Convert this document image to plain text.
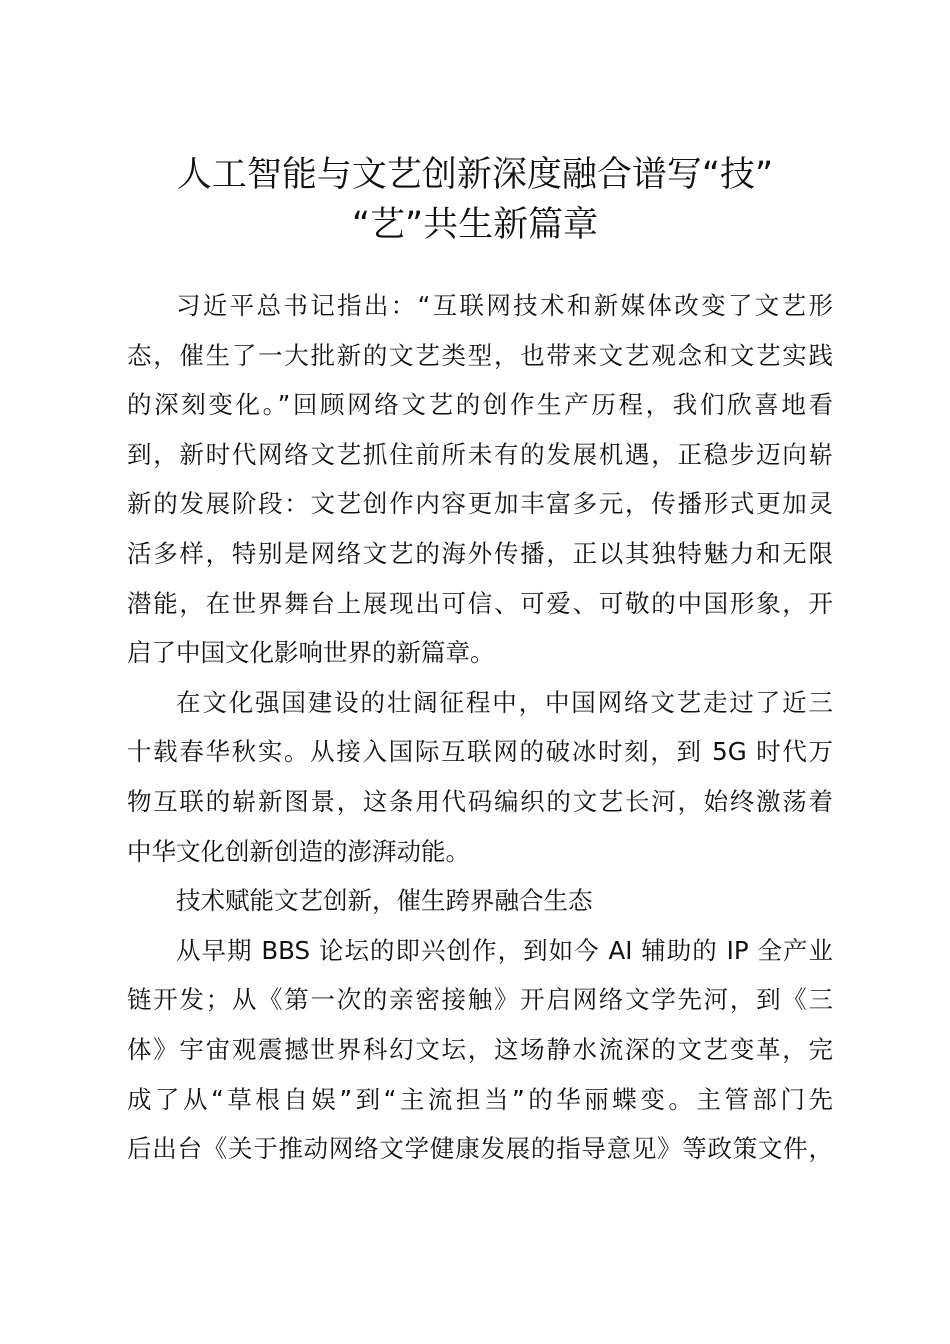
人工智能与文艺创新深度融合谱写“技”
“艺”共生新篇章

习近平总书记指出：“互联网技术和新媒体改变了文艺形
态，催生了一大批新的文艺类型，也带来文艺观念和文艺实践
的深刻变化。”回顾网络文艺的创作生产历程，我们欣喜地看
到，新时代网络文艺抓住前所未有的发展机遇，正稳步迈向崭
新的发展阶段：文艺创作内容更加丰富多元，传播形式更加灵
活多样，特别是网络文艺的海外传播，正以其独特魅力和无限
潜能，在世界舞台上展现出可信、可爱、可敬的中国形象，开
启了中国文化影响世界的新篇章。

在文化强国建设的壮阔征程中，中国网络文艺走过了近三
十载春华秋实。从接入国际互联网的破冰时刻，到 5G 时代万
物互联的崭新图景，这条用代码编织的文艺长河，始终激荡着
中华文化创新创造的澎湃动能。

技术赋能文艺创新，催生跨界融合生态

从早期 BBS 论坛的即兴创作，到如今 AI 辅助的 IP 全产业
链开发；从《第一次的亲密接触》开启网络文学先河，到《三
体》宇宙观震撼世界科幻文坛，这场静水流深的文艺变革，完
成了从“草根自娱”到“主流担当”的华丽蝶变。主管部门先
后出台《关于推动网络文学健康发展的指导意见》等政策文件，
